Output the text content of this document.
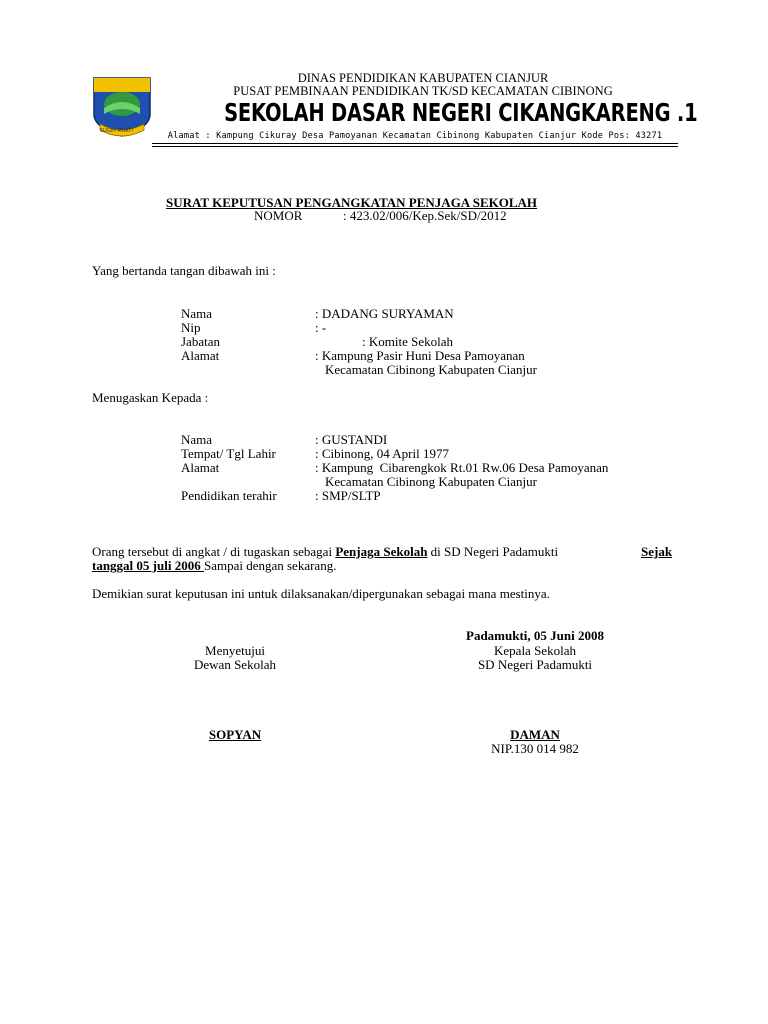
SUGIH MUKTI
DINAS PENDIDIKAN KABUPATEN CIANJUR
PUSAT PEMBINAAN PENDIDIKAN TK/SD KECAMATAN CIBINONG
SEKOLAH DASAR NEGERI CIKANGKARENG .1
Alamat : Kampung Cikuray Desa Pamoyanan Kecamatan Cibinong Kabupaten Cianjur Kode Pos: 43271
SURAT KEPUTUSAN PENGANGKATAN PENJAGA SEKOLAH
NOMOR	: 423.02/006/Kep.Sek/SD/2012
Yang bertanda tangan dibawah ini :
Nama	: DADANG SURYAMAN
Nip	: -
Jabatan	: Komite Sekolah
Alamat	: Kampung Pasir Huni Desa Pamoyanan
Kecamatan Cibinong Kabupaten Cianjur
Menugaskan Kepada :
Nama	: GUSTANDI
Tempat/ Tgl Lahir	: Cibinong, 04 April 1977
Alamat	: Kampung  Cibarengkok Rt.01 Rw.06 Desa Pamoyanan
Kecamatan Cibinong Kabupaten Cianjur
Pendidikan terahir	: SMP/SLTP
Orang tersebut di angkat / di tugaskan sebagai Penjaga Sekolah di SD Negeri Padamukti	Sejak
tanggal 05 juli 2006 Sampai dengan sekarang.
Demikian surat keputusan ini untuk dilaksanakan/dipergunakan sebagai mana mestinya.
Padamukti, 05 Juni 2008
Menyetujui
Dewan Sekolah
Kepala Sekolah
SD Negeri Padamukti
SOPYAN	DAMAN
NIP.130 014 982
